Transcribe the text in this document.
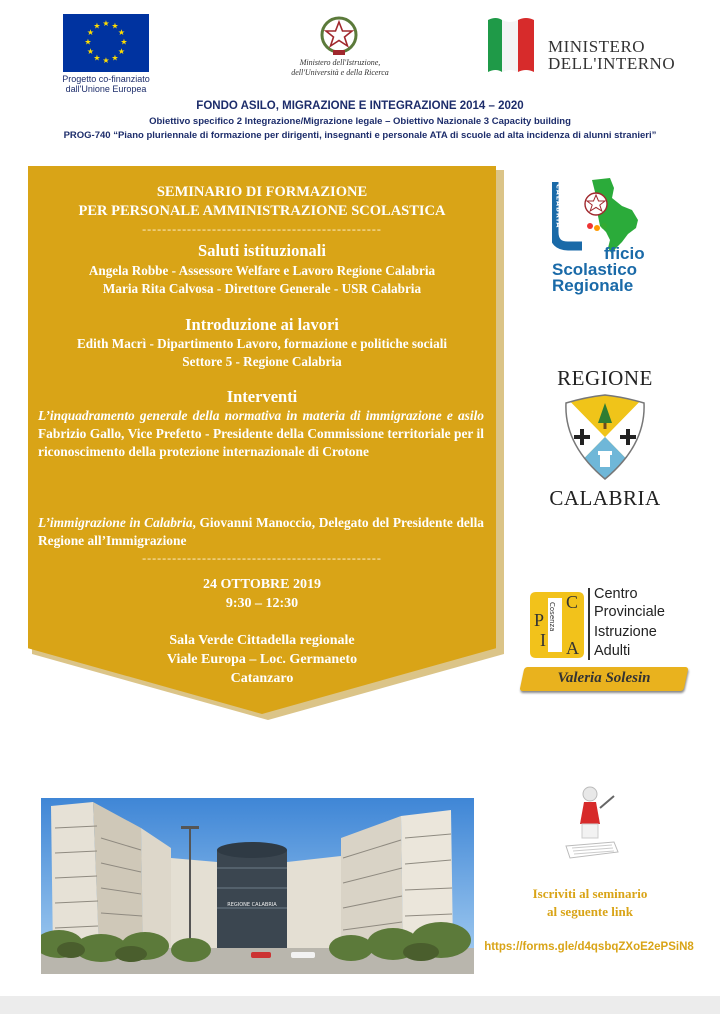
★ ★
★
★
★
★
★
★
★
★
★
★
Progetto co-finanziato
dall'Unione Europea
Ministero dell'Istruzione,
dell'Università e della Ricerca
MINISTERO
DELL'INTERNO
FONDO ASILO, MIGRAZIONE E INTEGRAZIONE 2014 – 2020
Obiettivo specifico 2 Integrazione/Migrazione legale – Obiettivo Nazionale 3 Capacity building
PROG-740 “Piano pluriennale di formazione per dirigenti, insegnanti e personale ATA di scuole ad alta incidenza di alunni stranieri”
SEMINARIO DI FORMAZIONE
PER PERSONALE AMMINISTRAZIONE SCOLASTICA
------------------------------------------------
Saluti istituzionali
Angela Robbe - Assessore Welfare e Lavoro Regione Calabria
Maria Rita Calvosa - Direttore Generale - USR Calabria
Introduzione ai lavori
Edith Macrì - Dipartimento Lavoro, formazione e politiche sociali
Settore 5 - Regione Calabria
Interventi
L’inquadramento generale della normativa in materia di immigrazione e asilo Fabrizio Gallo, Vice Prefetto - Presidente della Commissione territoriale per il riconoscimento della protezione internazionale di Crotone
L’immigrazione in Calabria, Giovanni Manoccio, Delegato del Presidente della Regione all’Immigrazione
------------------------------------------------
24 OTTOBRE 2019
9:30 – 12:30
Sala Verde Cittadella regionale
Viale Europa – Loc. Germaneto
Catanzaro
CALABRIA
fficio
Scolastico
Regionale
REGIONE
CALABRIA
C
P
I A
Cosenza
Centro
Provinciale
Istruzione
Adulti
Valeria Solesin
REGIONE CALABRIA
Iscriviti al seminario
al seguente link
https://forms.gle/d4qsbqZXoE2ePSiN8
